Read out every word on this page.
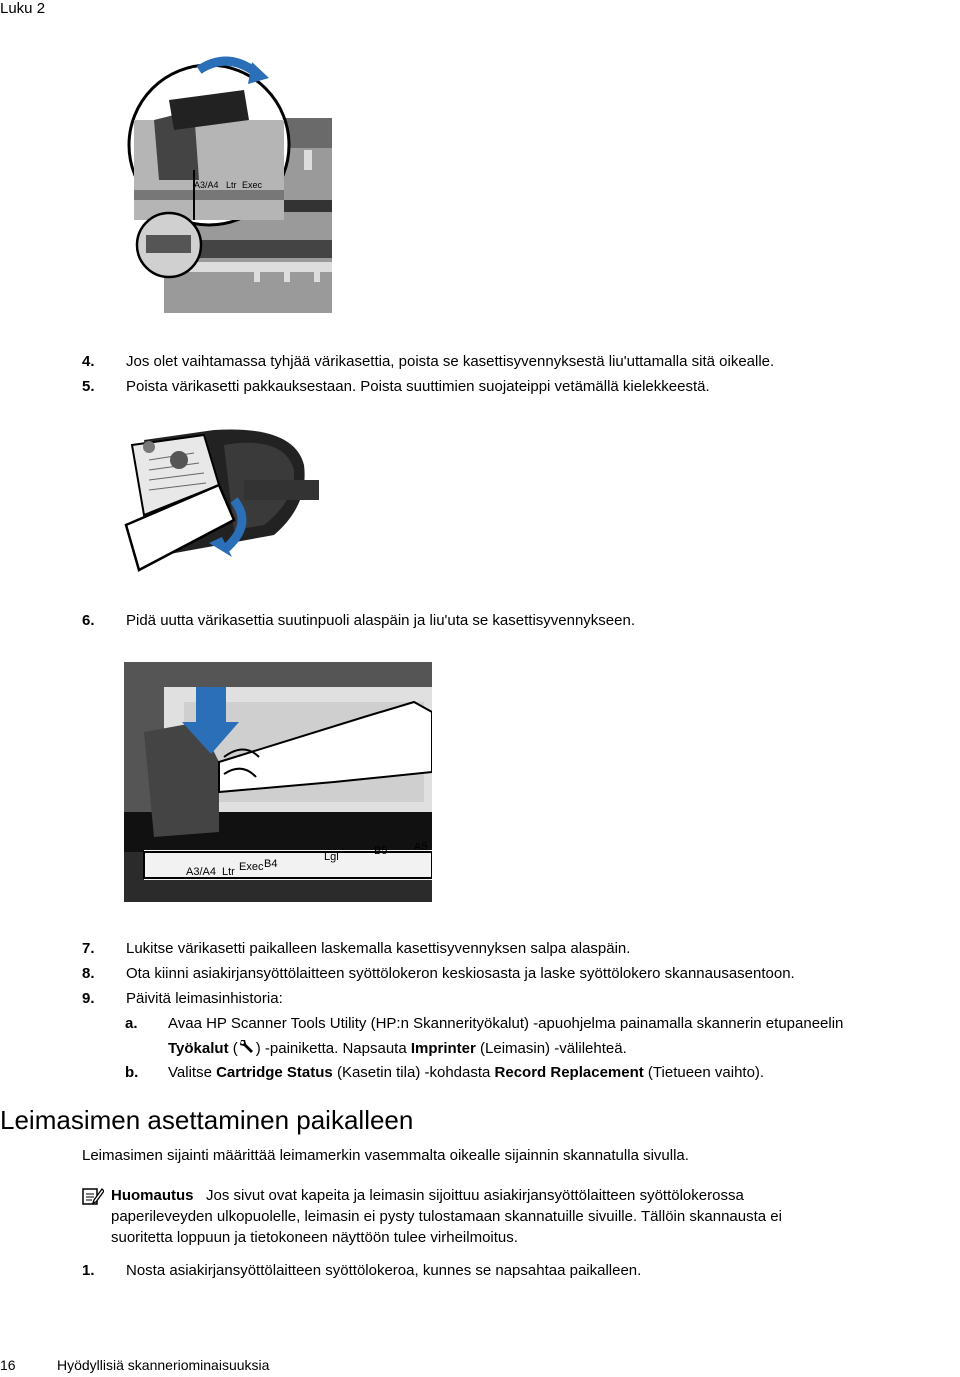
Luku 2
A3/A4 Ltr Exec
4. Jos olet vaihtamassa tyhjää värikasettia, poista se kasettisyvennyksestä liu'uttamalla sitä oikealle.
5. Poista värikasetti pakkauksestaan. Poista suuttimien suojateippi vetämällä kielekkeestä.
6. Pidä uutta värikasettia suutinpuoli alaspäin ja liu'uta se kasettisyvennykseen.
A3/A4 Ltr Exec B4
Lgl	B5 A5
7. Lukitse värikasetti paikalleen laskemalla kasettisyvennyksen salpa alaspäin.
8. Ota kiinni asiakirjansyöttölaitteen syöttölokeron keskiosasta ja laske syöttölokero skannausasentoon.
9. Päivitä leimasinhistoria:
a. Avaa HP Scanner Tools Utility (HP:n Skannerityökalut) -apuohjelma painamalla skannerin etupaneelin
Työkalut ( ) -painiketta. Napsauta Imprinter (Leimasin) -välilehteä.
b. Valitse Cartridge Status (Kasetin tila) -kohdasta Record Replacement (Tietueen vaihto).
Leimasimen asettaminen paikalleen
Leimasimen sijainti määrittää leimamerkin vasemmalta oikealle sijainnin skannatulla sivulla.
Huomautus Jos sivut ovat kapeita ja leimasin sijoittuu asiakirjansyöttölaitteen syöttölokerossa
paperileveyden ulkopuolelle, leimasin ei pysty tulostamaan skannatuille sivuille. Tällöin skannausta ei
suoritetta loppuun ja tietokoneen näyttöön tulee virheilmoitus.
1. Nosta asiakirjansyöttölaitteen syöttölokeroa, kunnes se napsahtaa paikalleen.
16	Hyödyllisiä skanneriominaisuuksia
